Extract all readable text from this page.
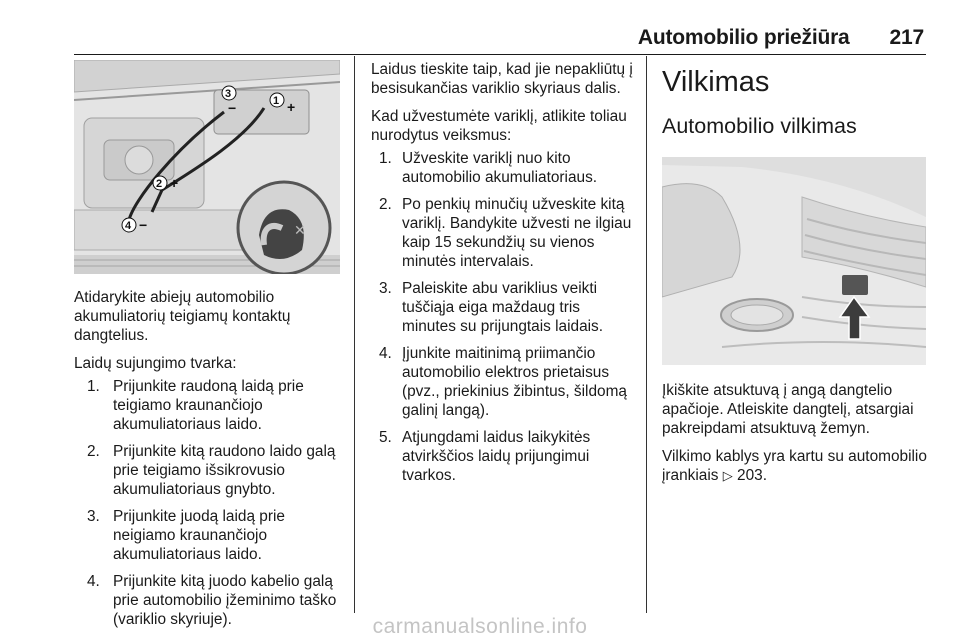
Automobilio priežiūra 217
1 +
2 +
3
−
4 −	✕

Atidarykite abiejų automobilio akumuliatorių teigiamų kontaktų dangtelius.

Laidų sujungimo tvarka:

1. Prijunkite raudoną laidą prie teigiamo kraunančiojo akumuliatoriaus laido.
2. Prijunkite kitą raudono laido galą prie teigiamo išsikrovusio akumuliatoriaus gnybto.
3. Prijunkite juodą laidą prie neigiamo kraunančiojo akumuliatoriaus laido.
4. Prijunkite kitą juodo kabelio galą prie automobilio įžeminimo taško (variklio skyriuje).

Laidus tieskite taip, kad jie nepakliūtų į besisukančias variklio skyriaus dalis.

Kad užvestumėte variklį, atlikite toliau nurodytus veiksmus:

1. Užveskite variklį nuo kito automobilio akumuliatoriaus.
2. Po penkių minučių užveskite kitą variklį. Bandykite užvesti ne ilgiau kaip 15 sekundžių su vienos minutės intervalais.
3. Paleiskite abu variklius veikti tuščiąja eiga maždaug tris minutes su prijungtais laidais.
4. Įjunkite maitinimą priimančio automobilio elektros prietaisus (pvz., priekinius žibintus, šildomą galinį langą).
5. Atjungdami laidus laikykitės atvirkščios laidų prijungimui tvarkos.
Vilkimas
Automobilio vilkimas

Įkiškite atsuktuvą į angą dangtelio apačioje. Atleiskite dangtelį, atsargiai pakreipdami atsuktuvą žemyn.

Vilkimo kablys yra kartu su automobilio įrankiais ▷ 203.

carmanualsonline.info
